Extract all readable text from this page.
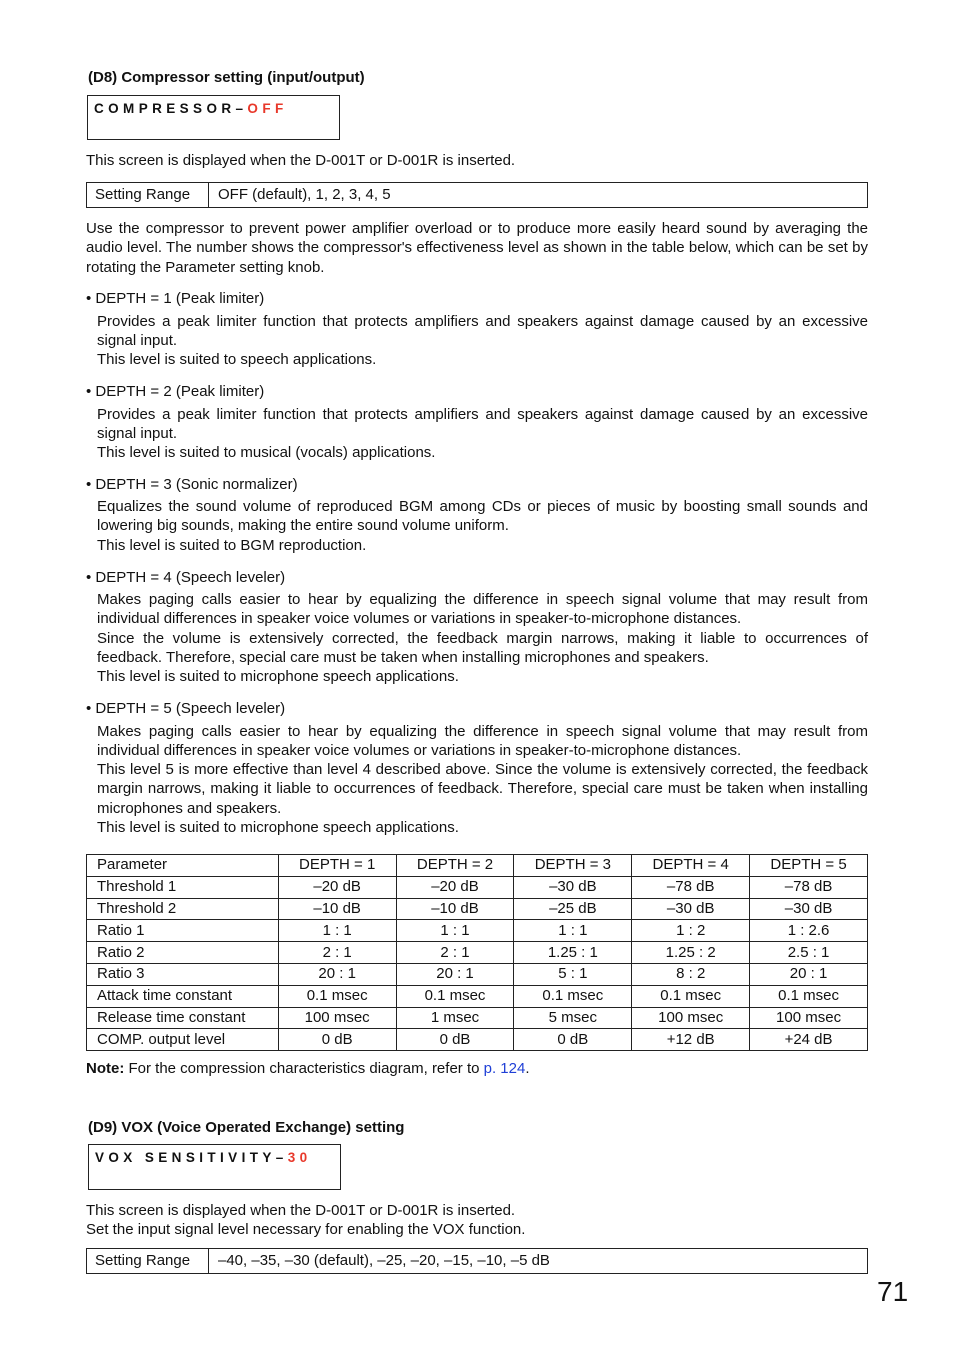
(D8) Compressor setting (input/output)
COMPRESSOR–OFF
This screen is displayed when the D-001T or D-001R is inserted.
Setting Range	OFF (default), 1, 2, 3, 4, 5
Use the compressor to prevent power amplifier overload or to produce more easily heard sound by averaging the audio level. The number shows the compressor's effectiveness level as shown in the table below, which can be set by rotating the Parameter setting knob.
• DEPTH = 1 (Peak limiter)
Provides a peak limiter function that protects amplifiers and speakers against damage caused by an excessive signal input.
This level is suited to speech applications.
• DEPTH = 2 (Peak limiter)
Provides a peak limiter function that protects amplifiers and speakers against damage caused by an excessive signal input.
This level is suited to musical (vocals) applications.
• DEPTH = 3 (Sonic normalizer)
Equalizes the sound volume of reproduced BGM among CDs or pieces of music by boosting small sounds and lowering big sounds, making the entire sound volume uniform.
This level is suited to BGM reproduction.
• DEPTH = 4 (Speech leveler)
Makes paging calls easier to hear by equalizing the difference in speech signal volume that may result from individual differences in speaker voice volumes or variations in speaker-to-microphone distances.
Since the volume is extensively corrected, the feedback margin narrows, making it liable to occurrences of feedback. Therefore, special care must be taken when installing microphones and speakers.
This level is suited to microphone speech applications.
• DEPTH = 5 (Speech leveler)
Makes paging calls easier to hear by equalizing the difference in speech signal volume that may result from individual differences in speaker voice volumes or variations in speaker-to-microphone distances.
This level 5 is more effective than level 4 described above. Since the volume is extensively corrected, the feedback margin narrows, making it liable to occurrences of feedback. Therefore, special care must be taken when installing microphones and speakers.
This level is suited to microphone speech applications.
Parameter	DEPTH = 1	DEPTH = 2	DEPTH = 3	DEPTH = 4	DEPTH = 5
Threshold 1	–20 dB	–20 dB	–30 dB	–78 dB	–78 dB
Threshold 2	–10 dB	–10 dB	–25 dB	–30 dB	–30 dB
Ratio 1	1 : 1	1 : 1	1 : 1	1 : 2	1 : 2.6
Ratio 2	2 : 1	2 : 1	1.25 : 1	1.25 : 2	2.5 : 1
Ratio 3	20 : 1	20 : 1	5 : 1	8 : 2	20 : 1
Attack time constant	0.1 msec	0.1 msec	0.1 msec	0.1 msec	0.1 msec
Release time constant	100 msec	1 msec	5 msec	100 msec	100 msec
COMP. output level	0 dB	0 dB	0 dB	+12 dB	+24 dB
Note: For the compression characteristics diagram, refer to p. 124.
(D9) VOX (Voice Operated Exchange) setting
VOX SENSITIVITY–30
This screen is displayed when the D-001T or D-001R is inserted.
Set the input signal level necessary for enabling the VOX function.
Setting Range	–40, –35, –30 (default), –25, –20, –15, –10, –5 dB
71
